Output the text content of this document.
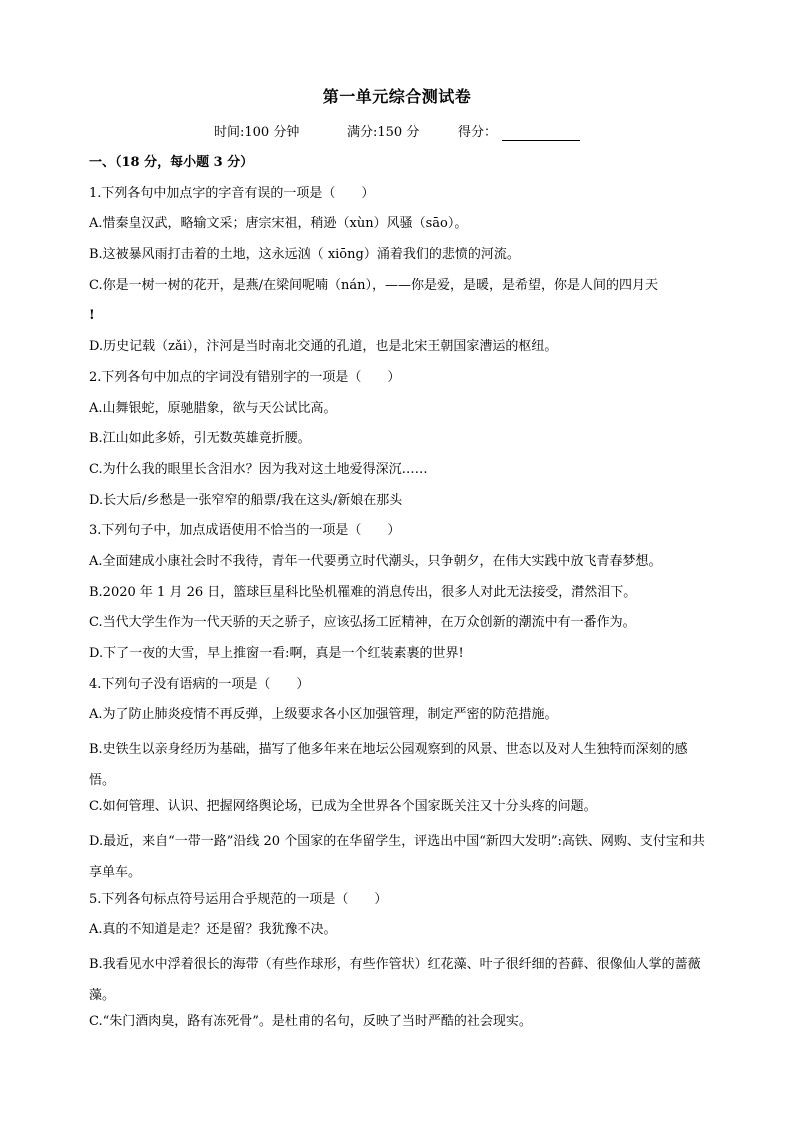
第一单元综合测试卷
时间:100 分钟	满分:150 分	得分：
一、（18 分，每小题 3 分）
1.下列各句中加点字的字音有误的一项是（　　）
A.惜秦皇汉武，略输文采；唐宗宋祖，稍逊（xùn）风骚（sāo）。
B.这被暴风雨打击着的土地，这永远汹（ xiōng）涌着我们的悲愤的河流。
C.你是一树一树的花开，是燕/在梁间呢喃（nán），——你是爱，是暖，是希望，你是人间的四月天
!
D.历史记载（zǎi），汴河是当时南北交通的孔道，也是北宋王朝国家漕运的枢纽。
2.下列各句中加点的字词没有错别字的一项是（　　）
A.山舞银蛇，原驰腊象，欲与天公试比高。
B.江山如此多娇，引无数英雄竟折腰。
C.为什么我的眼里长含泪水？因为我对这土地爱得深沉……
D.长大后/乡愁是一张窄窄的船票/我在这头/新娘在那头
3.下列句子中，加点成语使用不恰当的一项是（　　）
A.全面建成小康社会时不我待，青年一代要勇立时代潮头，只争朝夕，在伟大实践中放飞青春梦想。
B.2020 年 1 月 26 日，篮球巨星科比坠机罹难的消息传出，很多人对此无法接受，潸然泪下。
C.当代大学生作为一代天骄的天之骄子，应该弘扬工匠精神，在万众创新的潮流中有一番作为。
D.下了一夜的大雪，早上推窗一看:啊，真是一个红装素裹的世界!
4.下列句子没有语病的一项是（　　）
A.为了防止肺炎疫情不再反弹，上级要求各小区加强管理，制定严密的防范措施。
B.史铁生以亲身经历为基础，描写了他多年来在地坛公园观察到的风景、世态以及对人生独特而深刻的感悟。
C.如何管理、认识、把握网络舆论场，已成为全世界各个国家既关注又十分头疼的问题。
D.最近，来自“一带一路”沿线 20 个国家的在华留学生，评选出中国“新四大发明”:高铁、网购、支付宝和共享单车。
5.下列各句标点符号运用合乎规范的一项是（　　）
A.真的不知道是走？还是留？我犹豫不决。
B.我看见水中浮着很长的海带（有些作球形，有些作管状）红花藻、叶子很纤细的苔藓、很像仙人掌的蔷薇藻。
C.“朱门酒肉臭，路有冻死骨”。是杜甫的名句，反映了当时严酷的社会现实。
